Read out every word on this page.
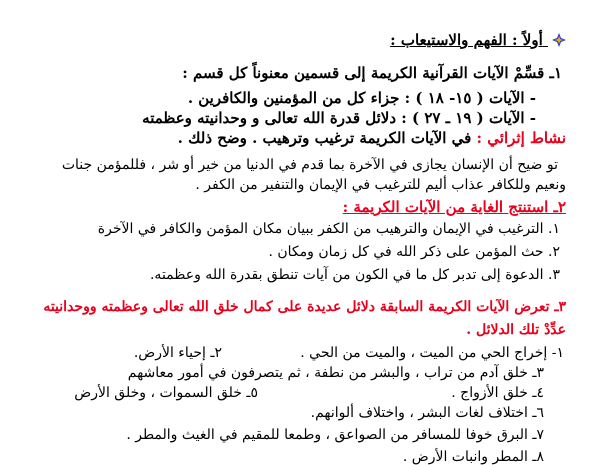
أولاً : الفهم والاستيعاب :
١ـ قسِّمْ الآيات القرآنية الكريمة إلى قسمين معنوناً كل قسم :
- الآيات ( ١٥- ١٨ ) : جزاء كل من المؤمنين والكافرين .
- الآيات ( ١٩ ـ ٢٧ ) : دلائل قدرة الله تعالى و وحدانيته وعظمته
نشاط إثرائي : في الآيات الكريمة ترغيب وترهيب . وضح ذلك .
تو ضيح أن الإنسان يجازى في الآخرة بما قدم في الدنيا من خير أو شر ، فللمؤمن جنات
ونعيم وللكافر عذاب أليم للترغيب في الإيمان والتنفير من الكفر .
٢ـ استنتج الغاية من الآيات الكريمة :
١. الترغيب في الإيمان والترهيب من الكفر ببيان مكان المؤمن والكافر في الآخرة
٢. حث المؤمن على ذكر الله في كل زمان ومكان .
٣. الدعوة إلى تدبر كل ما في الكون من آيات تنطق بقدرة الله وعظمته.
٣ـ تعرض الآيات الكريمة السابقة دلائل عديدة على كمال خلق الله تعالى وعظمته ووحدانيته
عدِّدْ تلك الدلائل .
١- إخراج الحي من الميت ، والميت من الحي .
٢ـ إحياء الأرض.
٣ـ خلق آدم من تراب ، والبشر من نطفة ، ثم يتصرفون في أمور معاشهم
٤ـ خلق الأزواج .
٥ـ خلق السموات ، وخلق الأرض
٦ـ اختلاف لغات البشر ، واختلاف ألوانهم.
٧ـ البرق خوفا للمسافر من الصواعق ، وطمعا للمقيم في الغيث والمطر .
٨ـ المطر وانبات الأرض .
